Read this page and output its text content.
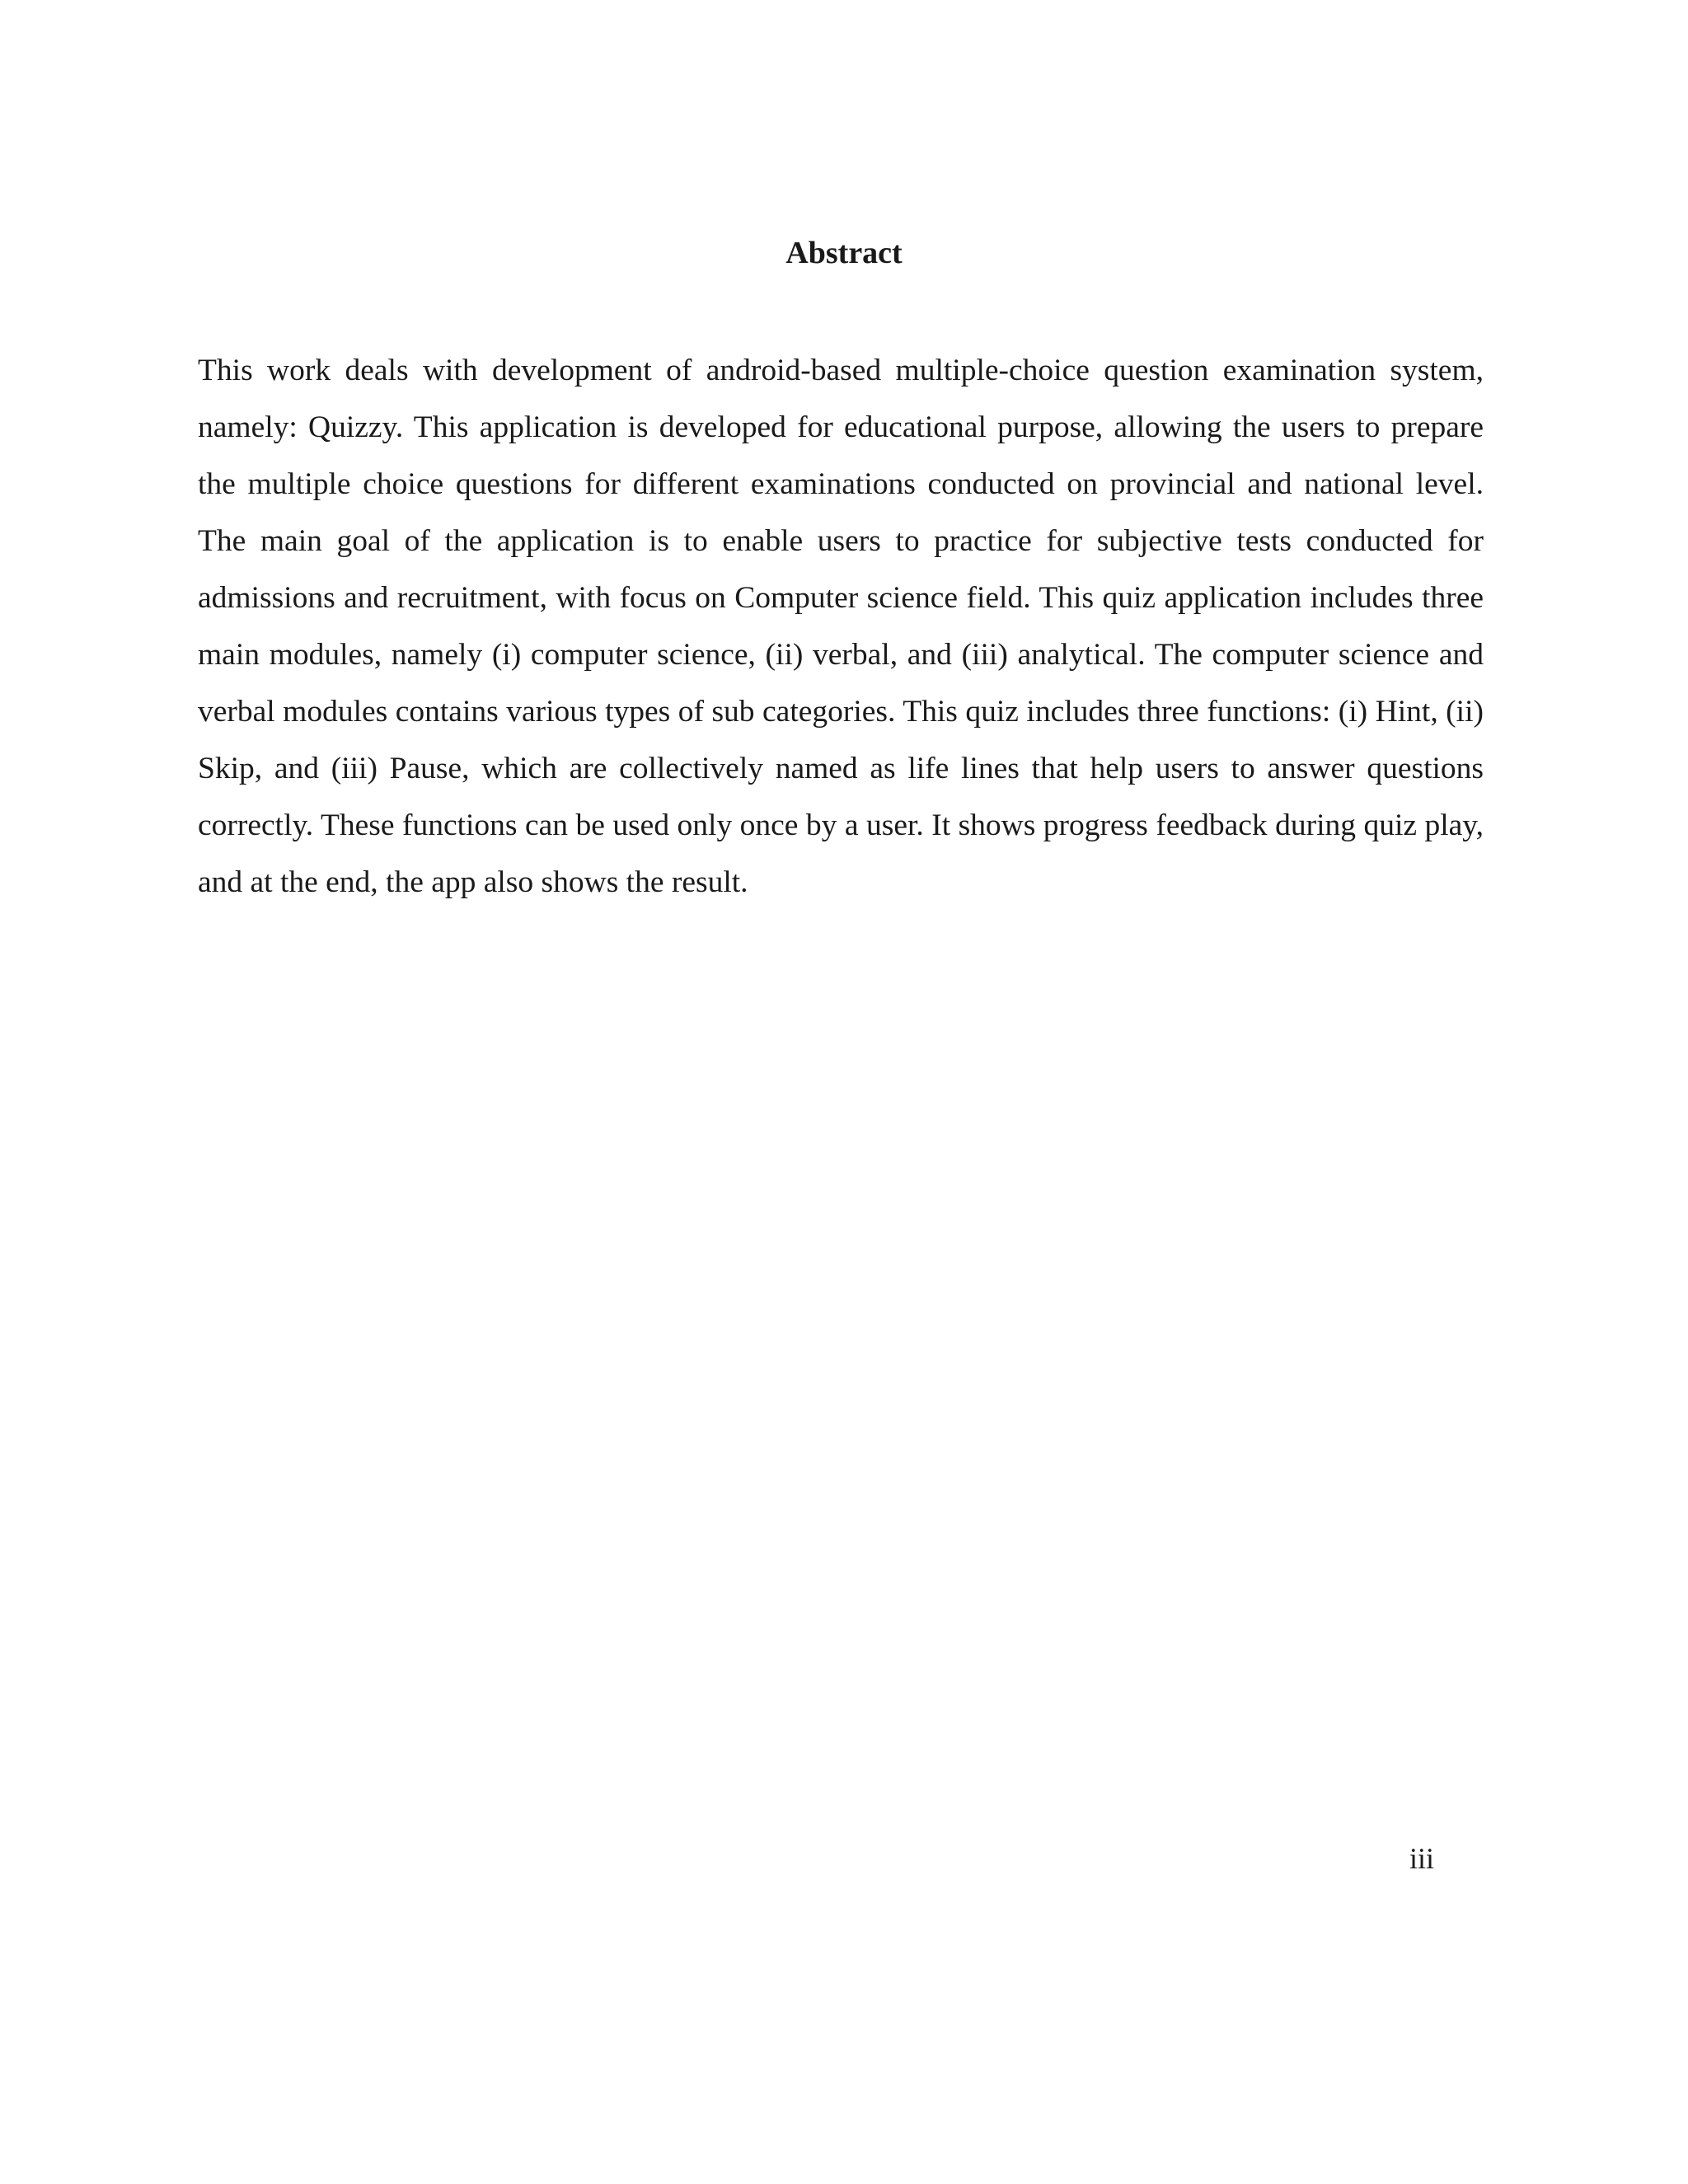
Abstract

This work deals with development of android-based multiple-choice question examination system, namely: Quizzy. This application is developed for educational purpose, allowing the users to prepare the multiple choice questions for different examinations conducted on provincial and national level. The main goal of the application is to enable users to practice for subjective tests conducted for admissions and recruitment, with focus on Computer science field. This quiz application includes three main modules, namely (i) computer science, (ii) verbal, and (iii) analytical. The computer science and verbal modules contains various types of sub categories. This quiz includes three functions: (i) Hint, (ii) Skip, and (iii) Pause, which are collectively named as life lines that help users to answer questions correctly. These functions can be used only once by a user. It shows progress feedback during quiz play, and at the end, the app also shows the result.

iii
